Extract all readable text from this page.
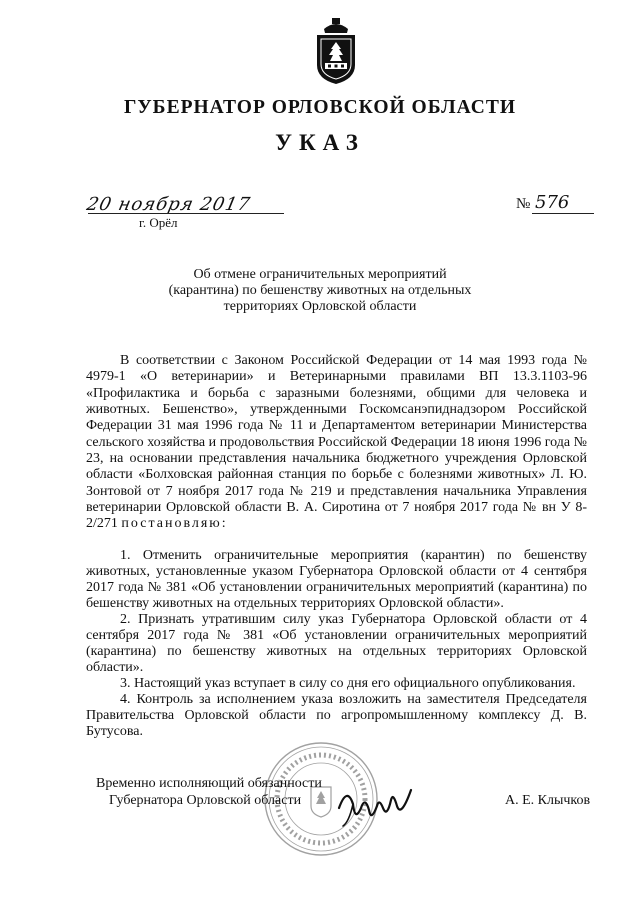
ГУБЕРНАТОР ОРЛОВСКОЙ ОБЛАСТИ
УКАЗ
20 ноября 2017
г. Орёл
№ 576
Об отмене ограничительных мероприятий
(карантина) по бешенству животных на отдельных
территориях Орловской области
В соответствии с Законом Российской Федерации от 14 мая 1993 года № 4979-1 «О ветеринарии» и Ветеринарными правилами ВП 13.3.1103-96 «Профилактика и борьба с заразными болезнями, общими для человека и животных. Бешенство», утвержденными Госкомсанэпиднадзором Российской Федерации 31 мая 1996 года № 11 и Департаментом ветеринарии Министерства сельского хозяйства и продовольствия Российской Федерации 18 июня 1996 года № 23, на основании представления начальника бюджетного учреждения Орловской области «Болховская районная станция по борьбе с болезнями животных» Л. Ю. Зонтовой от 7 ноября 2017 года № 219 и представления начальника Управления ветеринарии Орловской области В. А. Сиротина от 7 ноября 2017 года № вн У 8-2/271 постановляю:

1. Отменить ограничительные мероприятия (карантин) по бешенству животных, установленные указом Губернатора Орловской области от 4 сентября 2017 года № 381 «Об установлении ограничительных мероприятий (карантина) по бешенству животных на отдельных территориях Орловской области».

2. Признать утратившим силу указ Губернатора Орловской области от 4 сентября 2017 года № 381 «Об установлении ограничительных мероприятий (карантина) по бешенству животных на отдельных территориях Орловской области».

3. Настоящий указ вступает в силу со дня его официального опубликования.

4. Контроль за исполнением указа возложить на заместителя Председателя Правительства Орловской области по агропромышленному комплексу Д. В. Бутусова.

Временно исполняющий обязанности
Губернатора Орловской области	А. Е. Клычков
